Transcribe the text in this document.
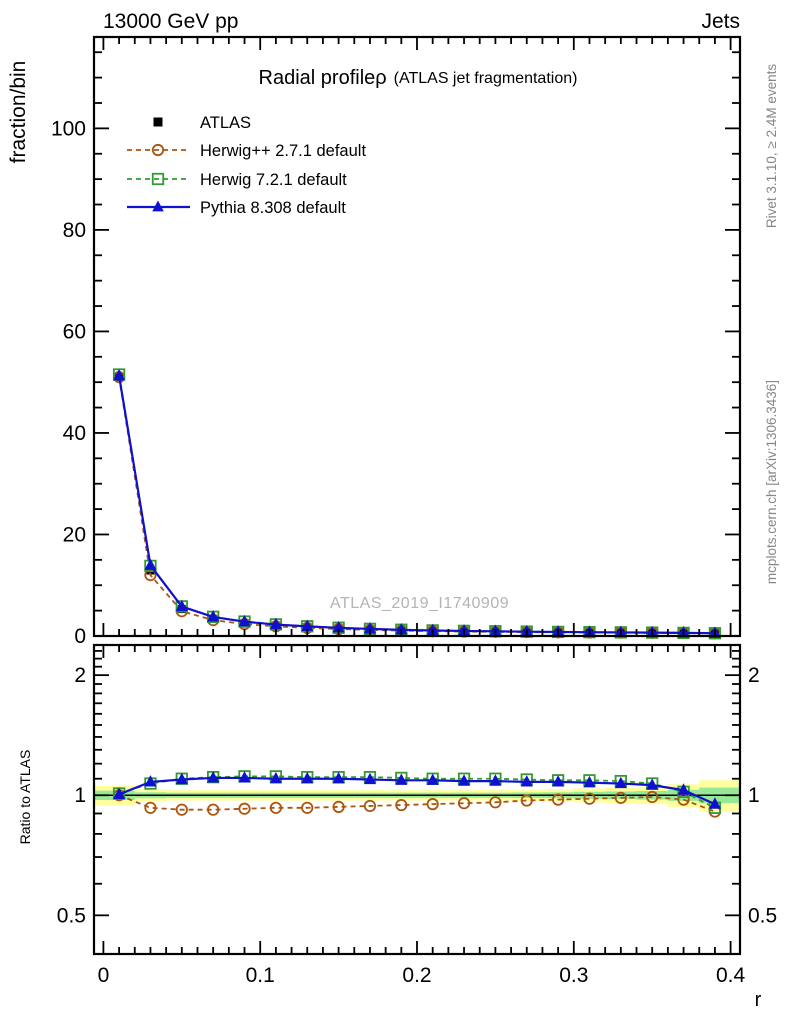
0
20
40
60
80
100
0.5	0.5
1	1
2	2
0	0.1	0.2	0.3	0.4
ATLAS
Herwig++ 2.7.1 default
Herwig 7.2.1 default
Pythia 8.308 default
13000 GeV pp	Jets
Radial profileρ (ATLAS jet fragmentation)
fraction/bin
Ratio to ATLAS
Rivet 3.1.10, ≥ 2.4M events
mcplots.cern.ch [arXiv:1306.3436]
ATLAS_2019_I1740909
r
